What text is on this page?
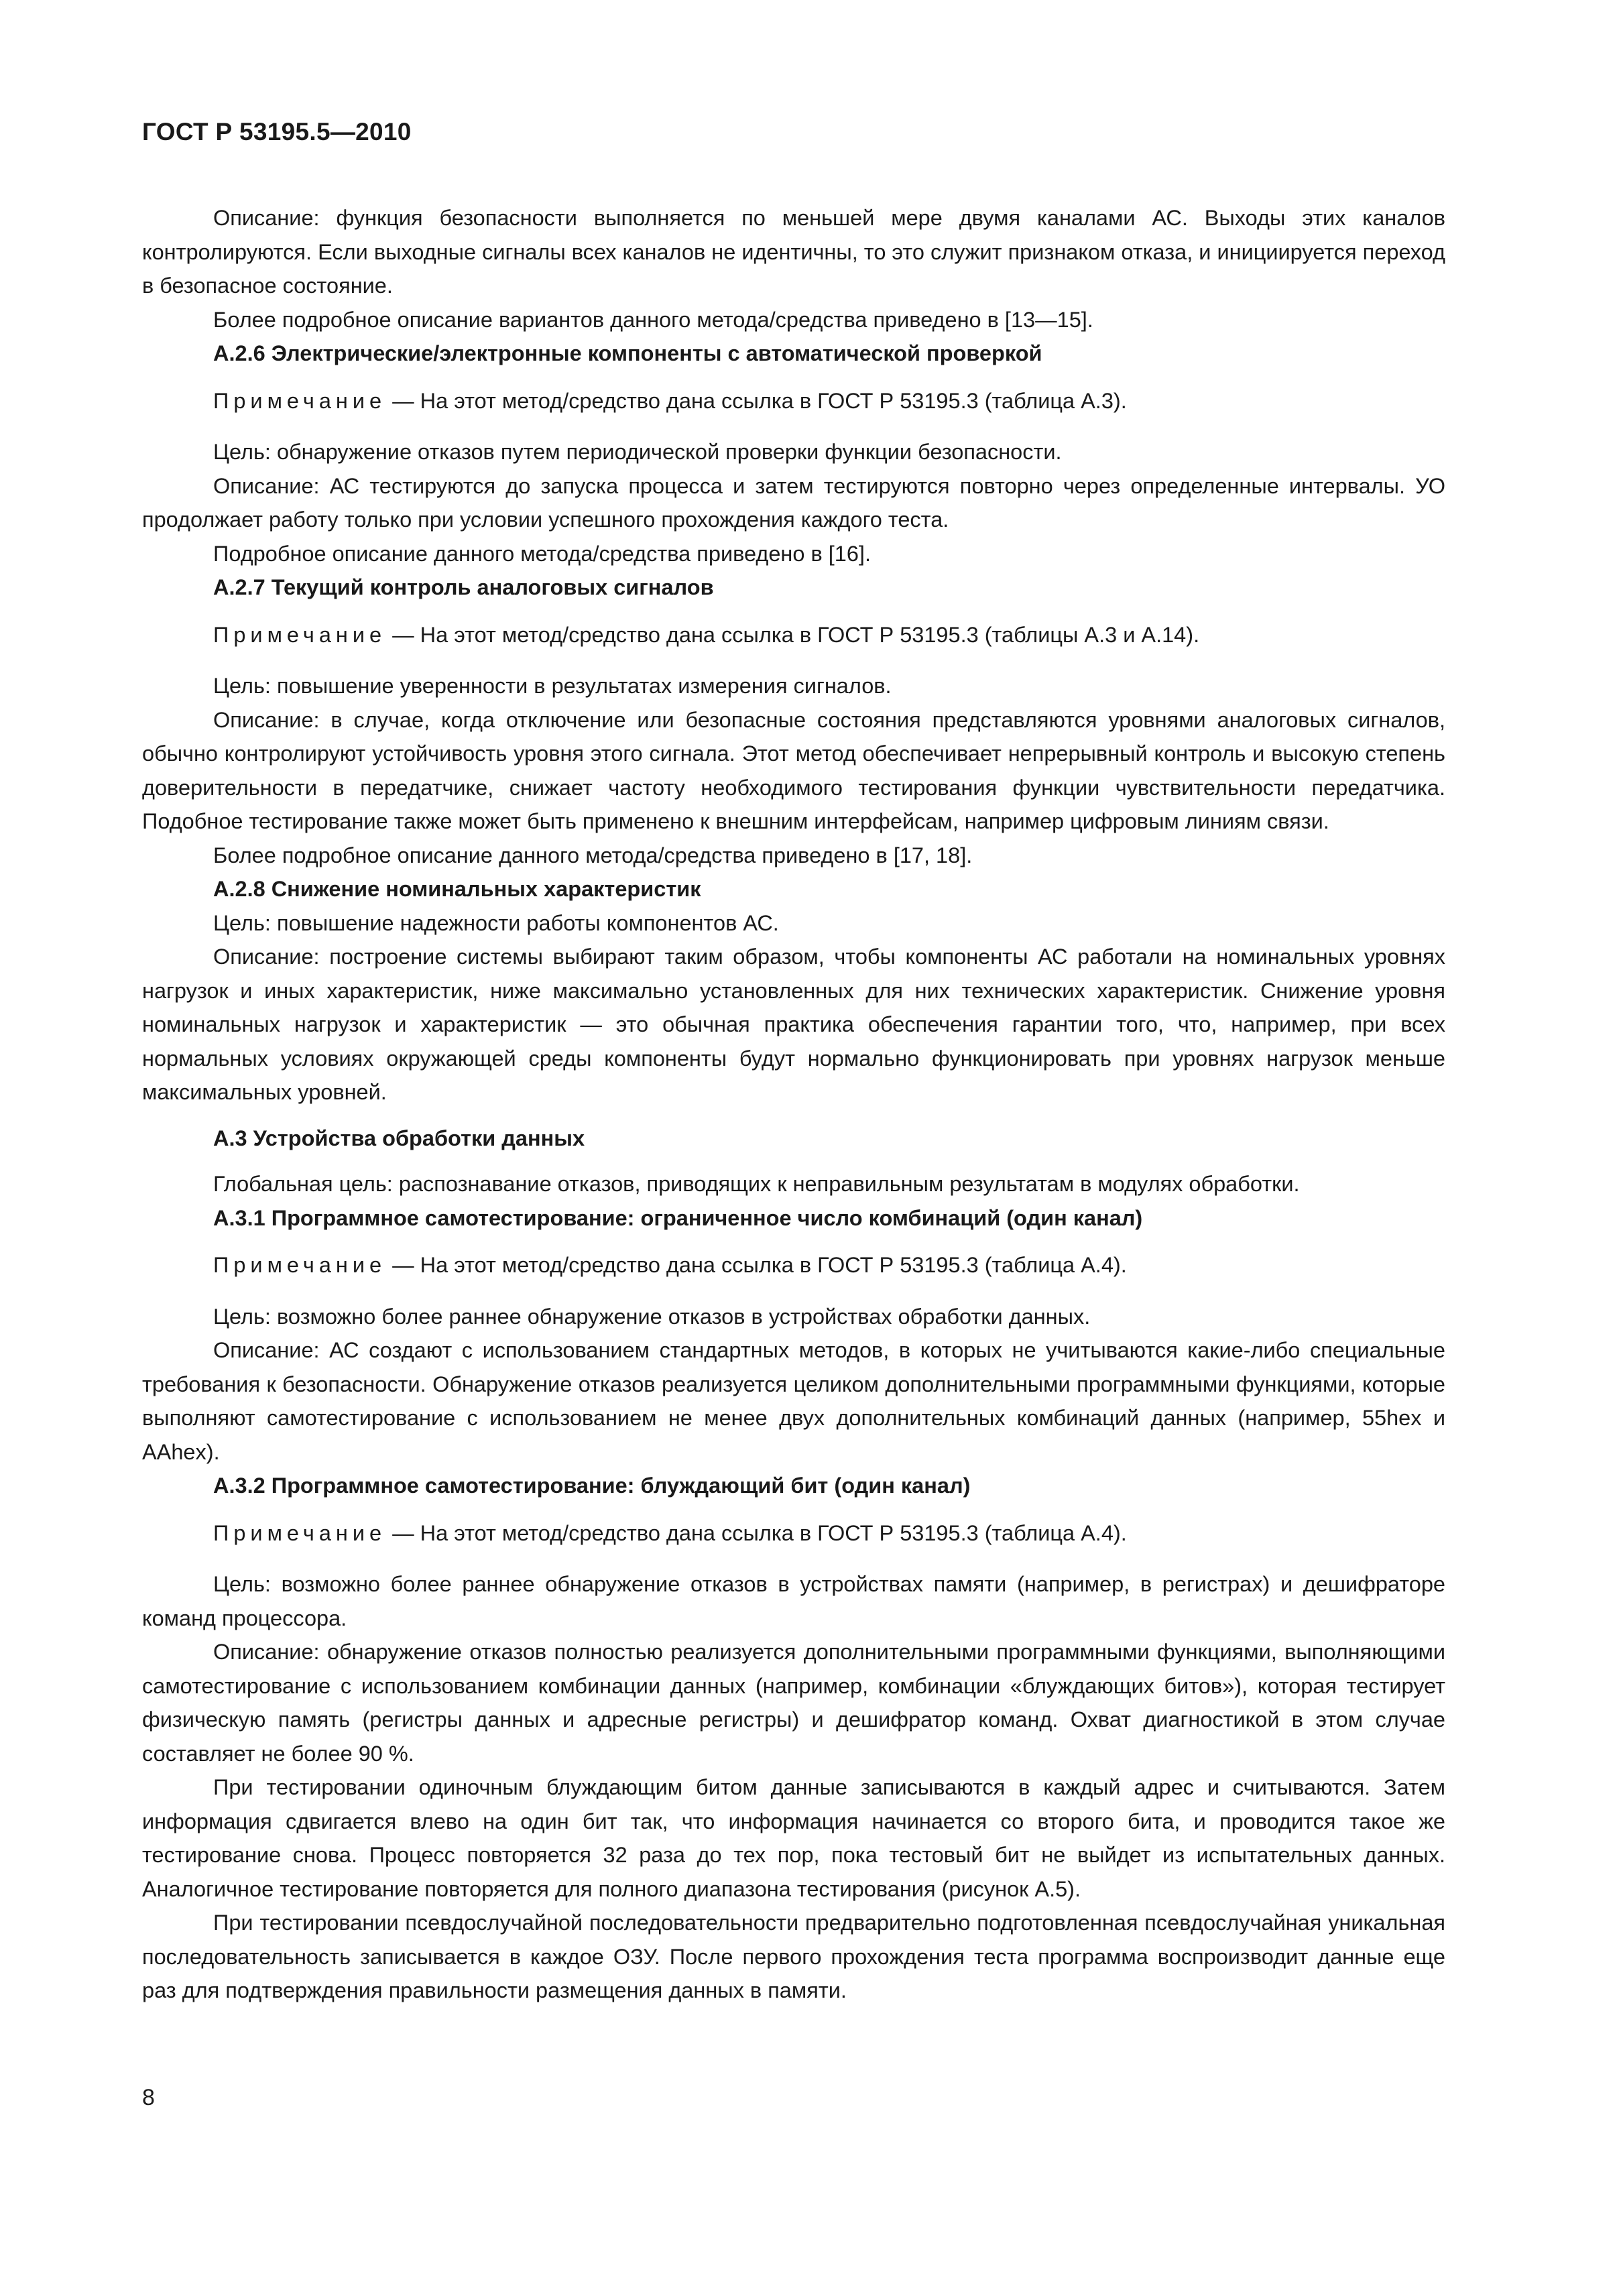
ГОСТ Р 53195.5—2010

Описание: функция безопасности выполняется по меньшей мере двумя каналами АС. Выходы этих каналов контролируются. Если выходные сигналы всех каналов не идентичны, то это служит признаком отказа, и инициируется переход в безопасное состояние.

Более подробное описание вариантов данного метода/средства приведено в [13—15].

А.2.6 Электрические/электронные компоненты с автоматической проверкой

Примечание — На этот метод/средство дана ссылка в ГОСТ Р 53195.3 (таблица А.3).

Цель: обнаружение отказов путем периодической проверки функции безопасности.

Описание: АС тестируются до запуска процесса и затем тестируются повторно через определенные интервалы. УО продолжает работу только при условии успешного прохождения каждого теста.

Подробное описание данного метода/средства приведено в [16].

А.2.7 Текущий контроль аналоговых сигналов

Примечание — На этот метод/средство дана ссылка в ГОСТ Р 53195.3 (таблицы А.3 и А.14).

Цель: повышение уверенности в результатах измерения сигналов.

Описание: в случае, когда отключение или безопасные состояния представляются уровнями аналоговых сигналов, обычно контролируют устойчивость уровня этого сигнала. Этот метод обеспечивает непрерывный контроль и высокую степень доверительности в передатчике, снижает частоту необходимого тестирования функции чувствительности передатчика. Подобное тестирование также может быть применено к внешним интерфейсам, например цифровым линиям связи.

Более подробное описание данного метода/средства приведено в [17, 18].

А.2.8 Снижение номинальных характеристик

Цель: повышение надежности работы компонентов АС.

Описание: построение системы выбирают таким образом, чтобы компоненты АС работали на номинальных уровнях нагрузок и иных характеристик, ниже максимально установленных для них технических характеристик. Снижение уровня номинальных нагрузок и характеристик — это обычная практика обеспечения гарантии того, что, например, при всех нормальных условиях окружающей среды компоненты будут нормально функционировать при уровнях нагрузок меньше максимальных уровней.

А.3 Устройства обработки данных

Глобальная цель: распознавание отказов, приводящих к неправильным результатам в модулях обработки.

А.3.1 Программное самотестирование: ограниченное число комбинаций (один канал)

Примечание — На этот метод/средство дана ссылка в ГОСТ Р 53195.3 (таблица А.4).

Цель: возможно более раннее обнаружение отказов в устройствах обработки данных.

Описание: АС создают с использованием стандартных методов, в которых не учитываются какие-либо специальные требования к безопасности. Обнаружение отказов реализуется целиком дополнительными программными функциями, которые выполняют самотестирование с использованием не менее двух дополнительных комбинаций данных (например, 55hex и AAhex).

А.3.2 Программное самотестирование: блуждающий бит (один канал)

Примечание — На этот метод/средство дана ссылка в ГОСТ Р 53195.3 (таблица А.4).

Цель: возможно более раннее обнаружение отказов в устройствах памяти (например, в регистрах) и дешифраторе команд процессора.

Описание: обнаружение отказов полностью реализуется дополнительными программными функциями, выполняющими самотестирование с использованием комбинации данных (например, комбинации «блуждающих битов»), которая тестирует физическую память (регистры данных и адресные регистры) и дешифратор команд. Охват диагностикой в этом случае составляет не более 90 %.

При тестировании одиночным блуждающим битом данные записываются в каждый адрес и считываются. Затем информация сдвигается влево на один бит так, что информация начинается со второго бита, и проводится такое же тестирование снова. Процесс повторяется 32 раза до тех пор, пока тестовый бит не выйдет из испытательных данных. Аналогичное тестирование повторяется для полного диапазона тестирования (рисунок А.5).

При тестировании псевдослучайной последовательности предварительно подготовленная псевдослучайная уникальная последовательность записывается в каждое ОЗУ. После первого прохождения теста программа воспроизводит данные еще раз для подтверждения правильности размещения данных в памяти.

8
